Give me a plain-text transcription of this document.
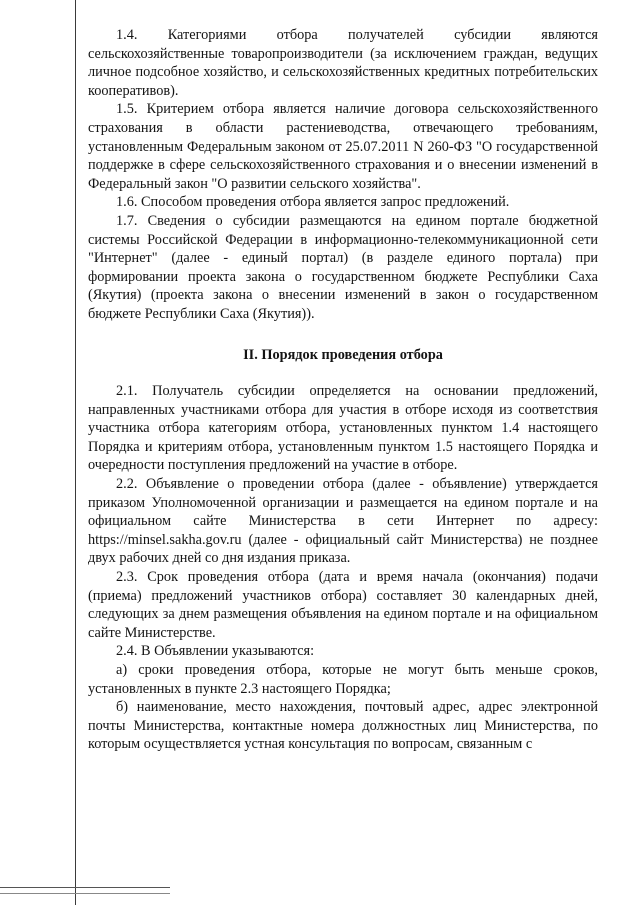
1.4. Категориями отбора получателей субсидии являются сельскохозяйственные товаропроизводители (за исключением граждан, ведущих личное подсобное хозяйство, и сельскохозяйственных кредитных потребительских кооперативов).

1.5. Критерием отбора является наличие договора сельскохозяйственного страхования в области растениеводства, отвечающего требованиям, установленным Федеральным законом от 25.07.2011 N 260-ФЗ "О государственной поддержке в сфере сельскохозяйственного страхования и о внесении изменений в Федеральный закон "О развитии сельского хозяйства".

1.6. Способом проведения отбора является запрос предложений.

1.7. Сведения о субсидии размещаются на едином портале бюджетной системы Российской Федерации в информационно-телекоммуникационной сети "Интернет" (далее - единый портал) (в разделе единого портала) при формировании проекта закона о государственном бюджете Республики Саха (Якутия) (проекта закона о внесении изменений в закон о государственном бюджете Республики Саха (Якутия)).

II. Порядок проведения отбора

2.1. Получатель субсидии определяется на основании предложений, направленных участниками отбора для участия в отборе исходя из соответствия участника отбора категориям отбора, установленных пунктом 1.4 настоящего Порядка и критериям отбора, установленным пунктом 1.5 настоящего Порядка и очередности поступления предложений на участие в отборе.

2.2. Объявление о проведении отбора (далее - объявление) утверждается приказом Уполномоченной организации и размещается на едином портале и на официальном сайте Министерства в сети Интернет по адресу: https://minsel.sakha.gov.ru (далее - официальный сайт Министерства) не позднее двух рабочих дней со дня издания приказа.

2.3. Срок проведения отбора (дата и время начала (окончания) подачи (приема) предложений участников отбора) составляет 30 календарных дней, следующих за днем размещения объявления на едином портале и на официальном сайте Министерстве.

2.4. В Объявлении указываются:

а) сроки проведения отбора, которые не могут быть меньше сроков, установленных в пункте 2.3 настоящего Порядка;

б) наименование, место нахождения, почтовый адрес, адрес электронной почты Министерства, контактные номера должностных лиц Министерства, по которым осуществляется устная консультация по вопросам, связанным с
